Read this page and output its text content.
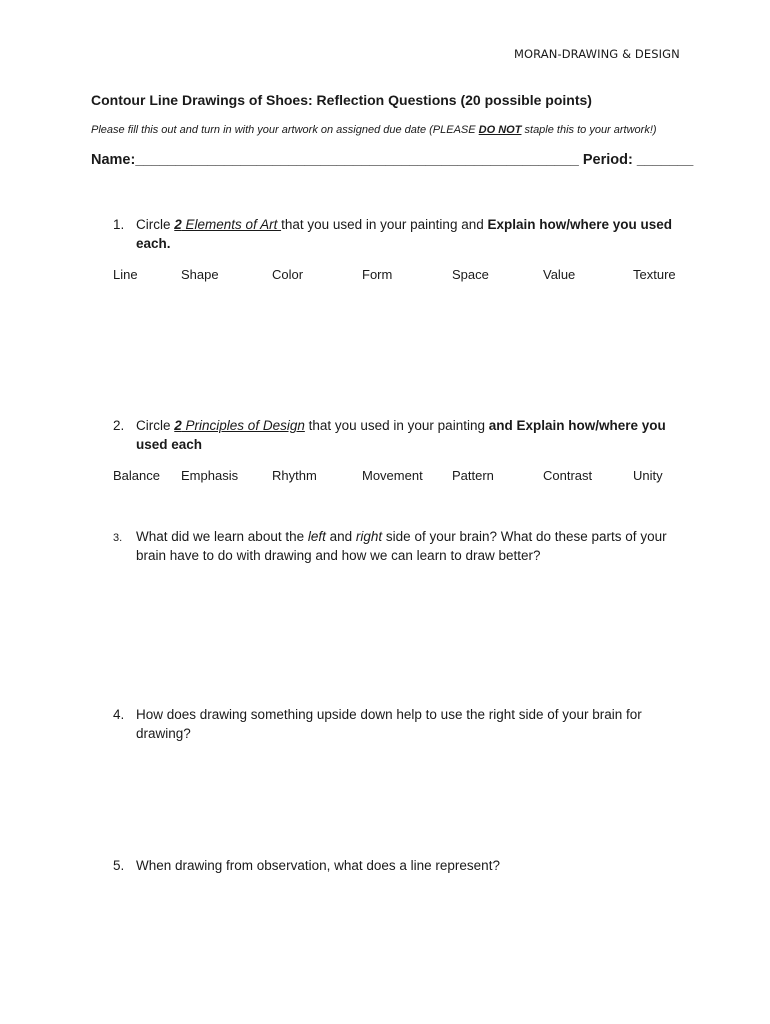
MORAN-DRAWING & DESIGN
Contour Line Drawings of Shoes: Reflection Questions (20 possible points)
Please fill this out and turn in with your artwork on assigned due date (PLEASE DO NOT staple this to your artwork!)
Name:_______________________________________________________ Period: _______
1. Circle 2 Elements of Art that you used in your painting and Explain how/where you used each.
Line	Shape	Color	Form	Space	Value	Texture
2. Circle 2 Principles of Design that you used in your painting and Explain how/where you used each
Balance Emphasis	Rhythm	Movement Pattern	Contrast	Unity
3. What did we learn about the left and right side of your brain? What do these parts of your brain have to do with drawing and how we can learn to draw better?
4. How does drawing something upside down help to use the right side of your brain for drawing?
5. When drawing from observation, what does a line represent?
